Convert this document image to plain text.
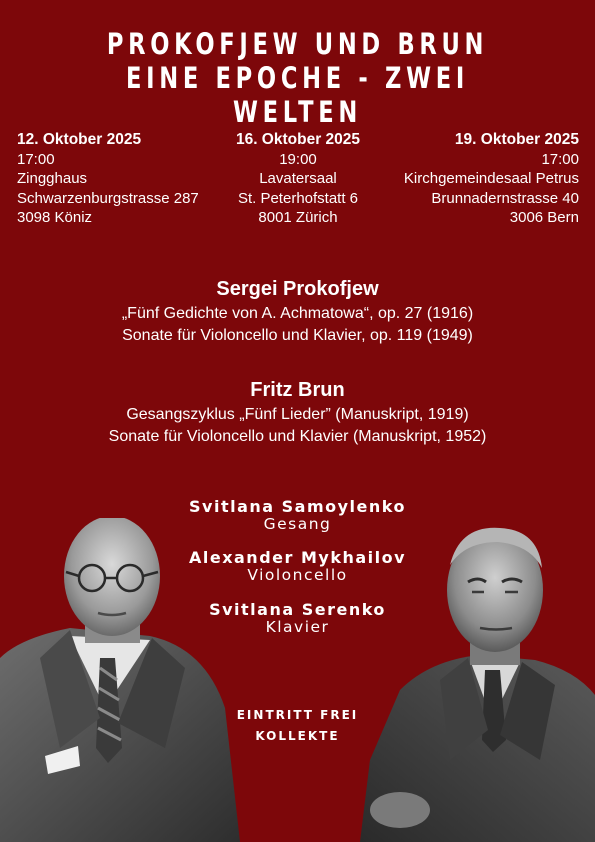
PROKOFJEW UND BRUN
EINE EPOCHE - ZWEI WELTEN
12. Oktober 2025
17:00
Zingghaus
Schwarzenburgstrasse 287
3098 Köniz
16. Oktober 2025
19:00
Lavatersaal
St. Peterhofstatt 6
8001 Zürich
19. Oktober 2025
17:00
Kirchgemeindesaal Petrus
Brunnadernstrasse 40
3006 Bern
Sergei Prokofjew
„Fünf Gedichte von A. Achmatowa“, op. 27 (1916)
Sonate für Violoncello und Klavier, op. 119 (1949)
Fritz Brun
Gesangszyklus „Fünf Lieder” (Manuskript, 1919)
Sonate für Violoncello und Klavier (Manuskript, 1952)
Svitlana Samoylenko
Gesang
Alexander Mykhailov
Violoncello
Svitlana Serenko
Klavier
EINTRITT FREI
KOLLEKTE
